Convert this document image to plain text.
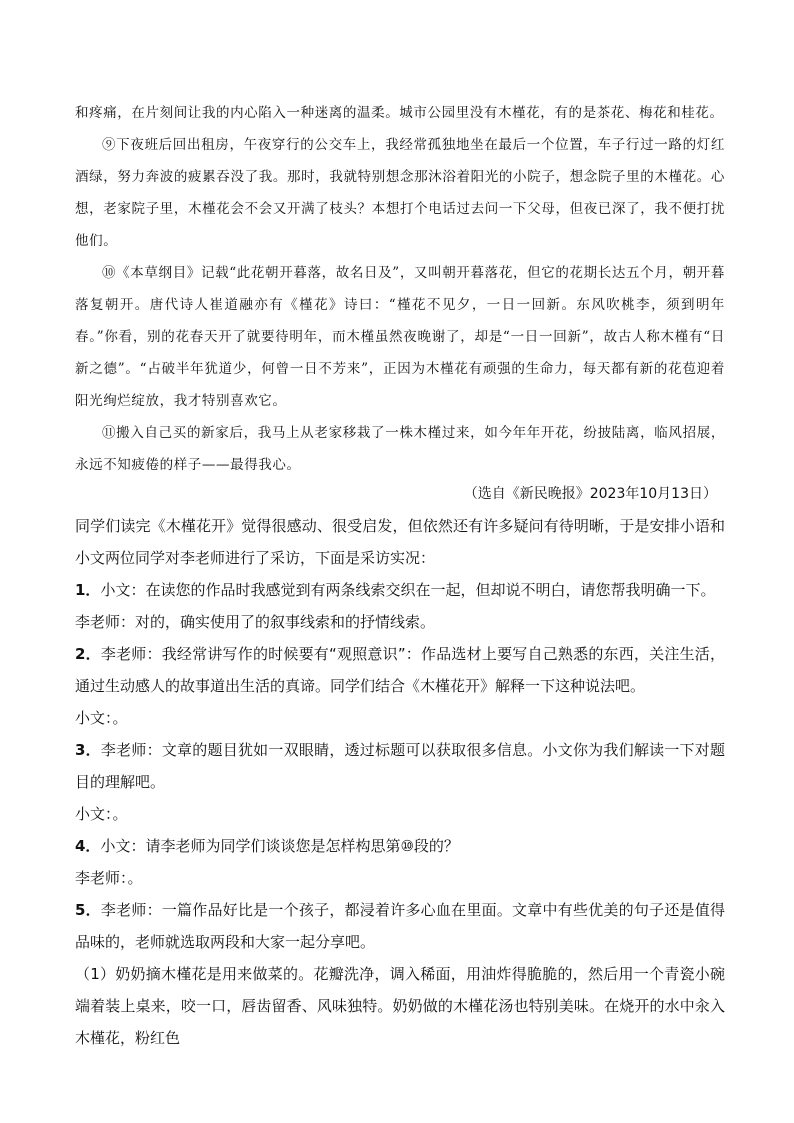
和疼痛，在片刻间让我的内心陷入一种迷离的温柔。城市公园里没有木槿花，有的是茶花、梅花和桂花。

⑨下夜班后回出租房，午夜穿行的公交车上，我经常孤独地坐在最后一个位置，车子行过一路的灯红酒绿，努力奔波的疲累吞没了我。那时，我就特别想念那沐浴着阳光的小院子，想念院子里的木槿花。心想，老家院子里，木槿花会不会又开满了枝头？本想打个电话过去问一下父母，但夜已深了，我不便打扰他们。

⑩《本草纲目》记载“此花朝开暮落，故名日及”，又叫朝开暮落花，但它的花期长达五个月，朝开暮落复朝开。唐代诗人崔道融亦有《槿花》诗曰：“槿花不见夕，一日一回新。东风吹桃李，须到明年春。”你看，别的花春天开了就要待明年，而木槿虽然夜晚谢了，却是“一日一回新”，故古人称木槿有“日新之德”。“占破半年犹道少，何曾一日不芳来”，正因为木槿花有顽强的生命力，每天都有新的花苞迎着阳光绚烂绽放，我才特别喜欢它。

⑪搬入自己买的新家后，我马上从老家移栽了一株木槿过来，如今年年开花，纷披陆离，临风招展，永远不知疲倦的样子——最得我心。

（选自《新民晚报》2023年10月13日）

同学们读完《木槿花开》觉得很感动、很受启发，但依然还有许多疑问有待明晰，于是安排小语和小文两位同学对李老师进行了采访，下面是采访实况：

1．小文：在读您的作品时我感觉到有两条线索交织在一起，但却说不明白，请您帮我明确一下。

李老师：对的，确实使用了的叙事线索和的抒情线索。

2．李老师：我经常讲写作的时候要有“观照意识”：作品选材上要写自己熟悉的东西，关注生活，通过生动感人的故事道出生活的真谛。同学们结合《木槿花开》解释一下这种说法吧。

小文：。

3．李老师：文章的题目犹如一双眼睛，透过标题可以获取很多信息。小文你为我们解读一下对题目的理解吧。

小文：。

4．小文：请李老师为同学们谈谈您是怎样构思第⑩段的？

李老师：。

5．李老师：一篇作品好比是一个孩子，都浸着许多心血在里面。文章中有些优美的句子还是值得品味的，老师就选取两段和大家一起分享吧。

（1）奶奶摘木槿花是用来做菜的。花瓣洗净，调入稀面，用油炸得脆脆的，然后用一个青瓷小碗端着装上桌来，咬一口，唇齿留香、风味独特。奶奶做的木槿花汤也特别美味。在烧开的水中汆入木槿花，粉红色
